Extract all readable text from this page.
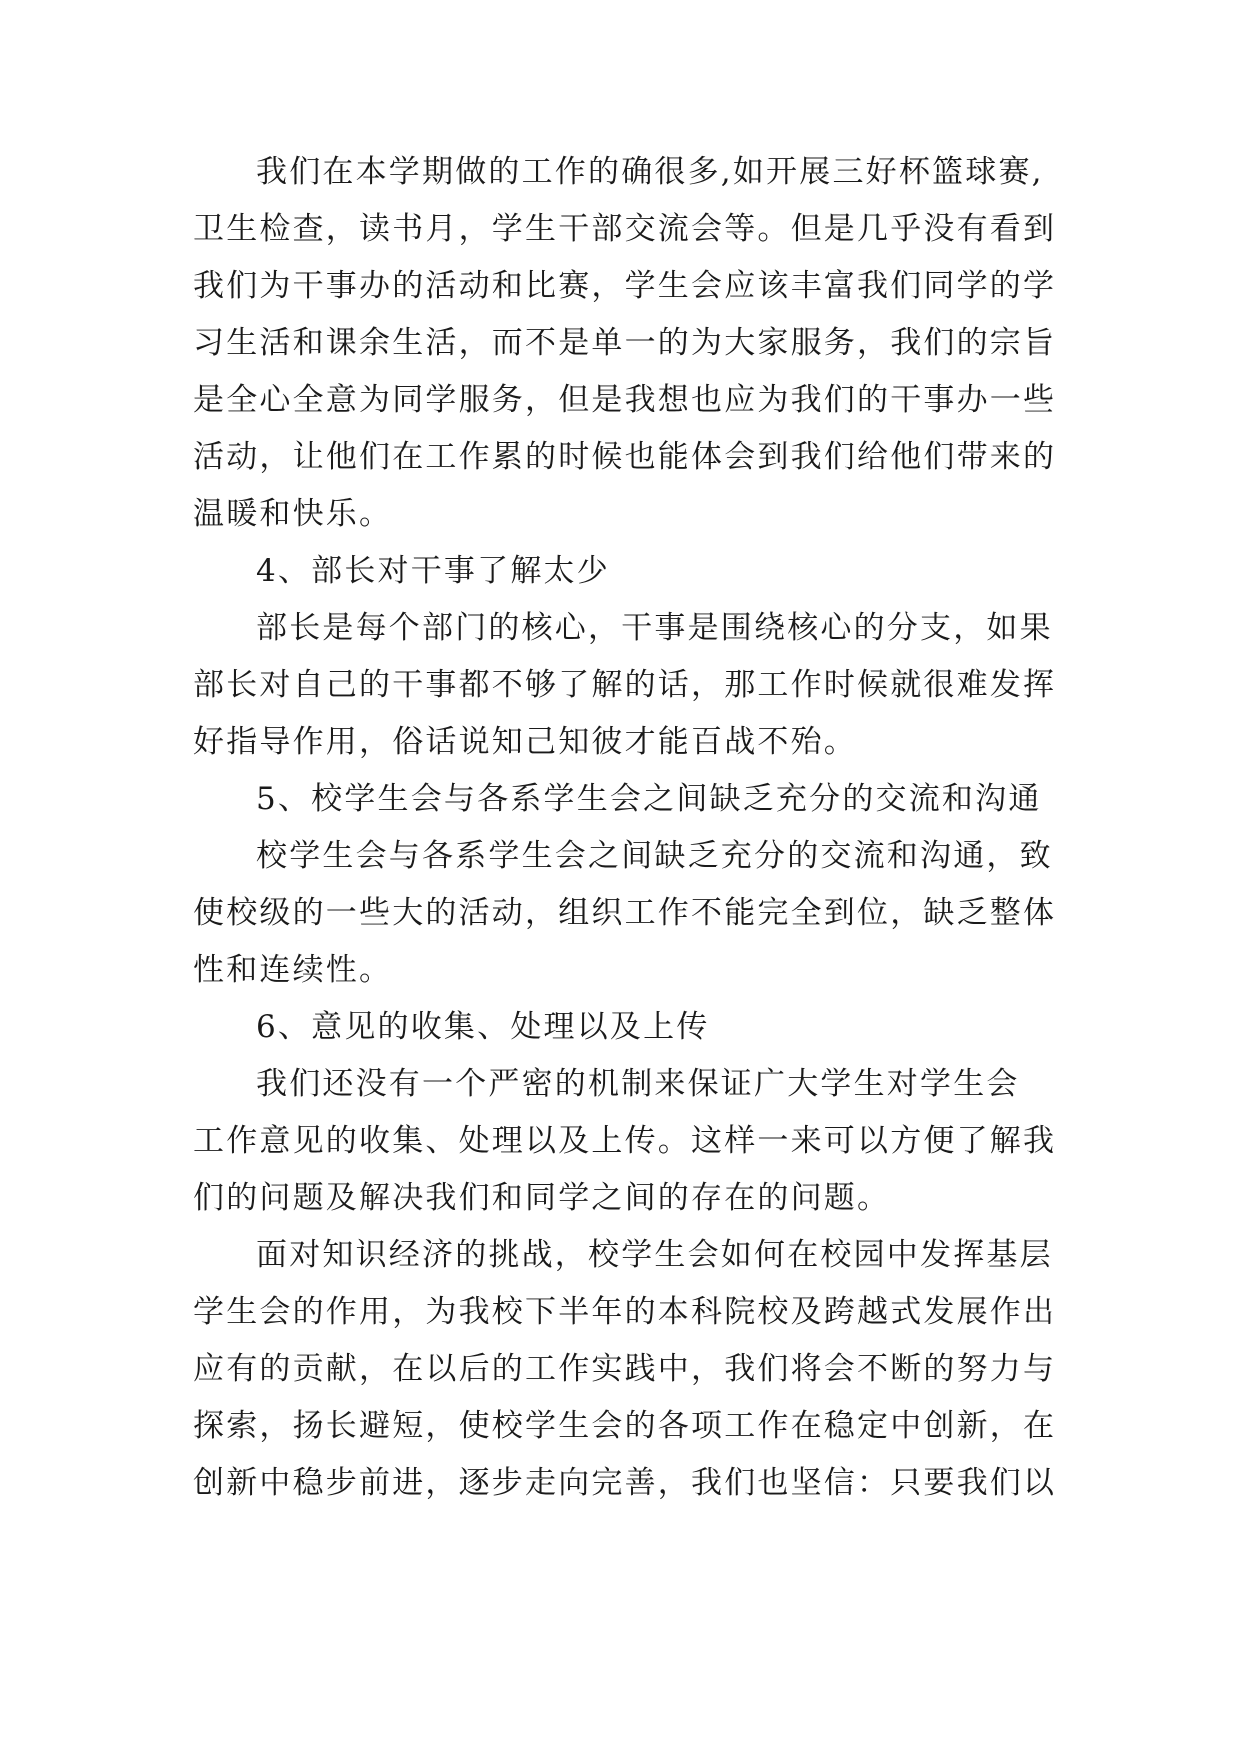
我们在本学期做的工作的确很多,如开展三好杯篮球赛,
卫生检查，读书月，学生干部交流会等。但是几乎没有看到
我们为干事办的活动和比赛，学生会应该丰富我们同学的学
习生活和课余生活，而不是单一的为大家服务，我们的宗旨
是全心全意为同学服务，但是我想也应为我们的干事办一些
活动，让他们在工作累的时候也能体会到我们给他们带来的
温暖和快乐。
4、部长对干事了解太少
部长是每个部门的核心，干事是围绕核心的分支，如果
部长对自己的干事都不够了解的话，那工作时候就很难发挥
好指导作用，俗话说知己知彼才能百战不殆。
5、校学生会与各系学生会之间缺乏充分的交流和沟通
校学生会与各系学生会之间缺乏充分的交流和沟通，致
使校级的一些大的活动，组织工作不能完全到位，缺乏整体
性和连续性。
6、意见的收集、处理以及上传
我们还没有一个严密的机制来保证广大学生对学生会
工作意见的收集、处理以及上传。这样一来可以方便了解我
们的问题及解决我们和同学之间的存在的问题。
面对知识经济的挑战，校学生会如何在校园中发挥基层
学生会的作用，为我校下半年的本科院校及跨越式发展作出
应有的贡献，在以后的工作实践中，我们将会不断的努力与
探索，扬长避短，使校学生会的各项工作在稳定中创新，在
创新中稳步前进，逐步走向完善，我们也坚信：只要我们以
